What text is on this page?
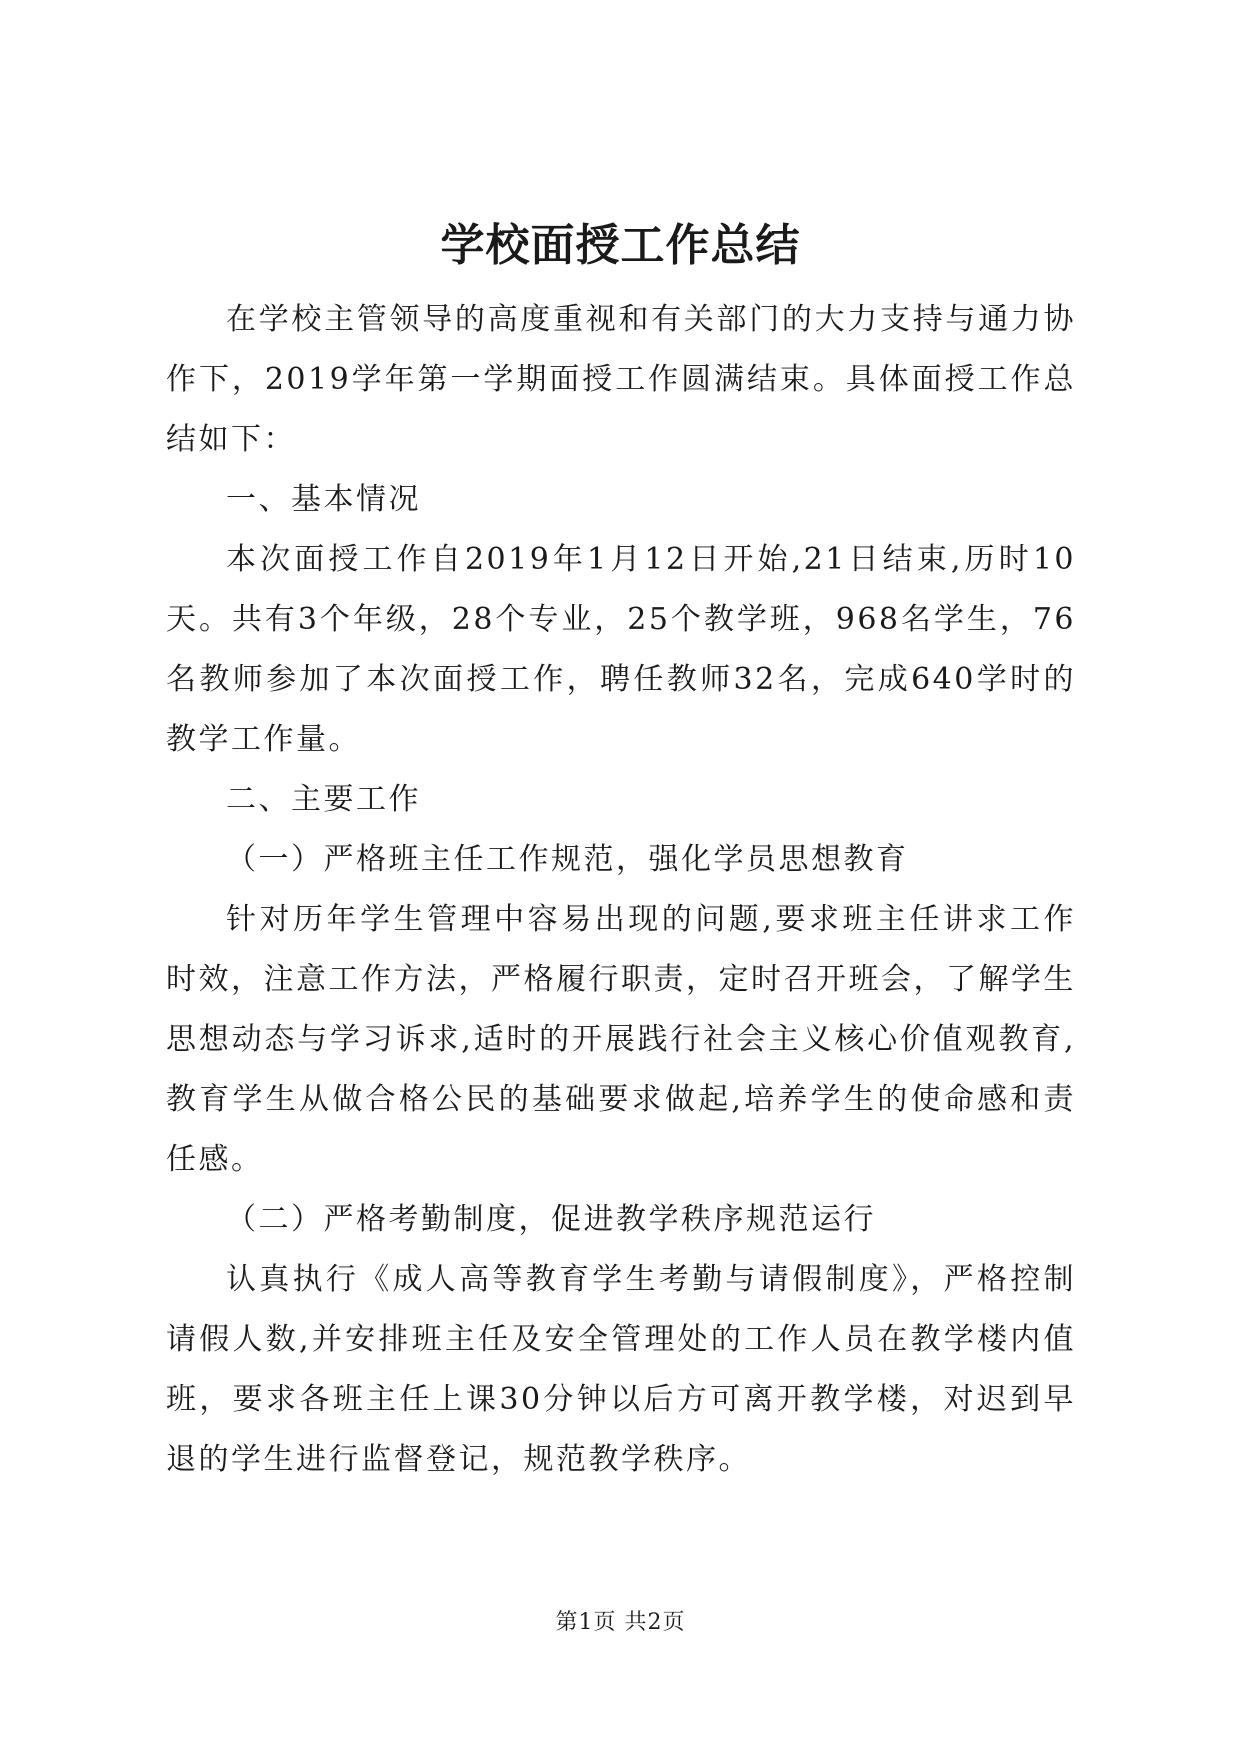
学校面授工作总结

在学校主管领导的高度重视和有关部门的大力支持与通力协作下，2019学年第一学期面授工作圆满结束。具体面授工作总结如下：

一、基本情况

本次面授工作自2019年1月12日开始,21日结束,历时10天。共有3个年级，28个专业，25个教学班，968名学生，76名教师参加了本次面授工作，聘任教师32名，完成640学时的教学工作量。

二、主要工作

（一）严格班主任工作规范，强化学员思想教育

针对历年学生管理中容易出现的问题,要求班主任讲求工作时效，注意工作方法，严格履行职责，定时召开班会，了解学生思想动态与学习诉求,适时的开展践行社会主义核心价值观教育,教育学生从做合格公民的基础要求做起,培养学生的使命感和责任感。

（二）严格考勤制度，促进教学秩序规范运行

认真执行《成人高等教育学生考勤与请假制度》，严格控制请假人数,并安排班主任及安全管理处的工作人员在教学楼内值班，要求各班主任上课30分钟以后方可离开教学楼，对迟到早退的学生进行监督登记，规范教学秩序。

第1页 共2页
